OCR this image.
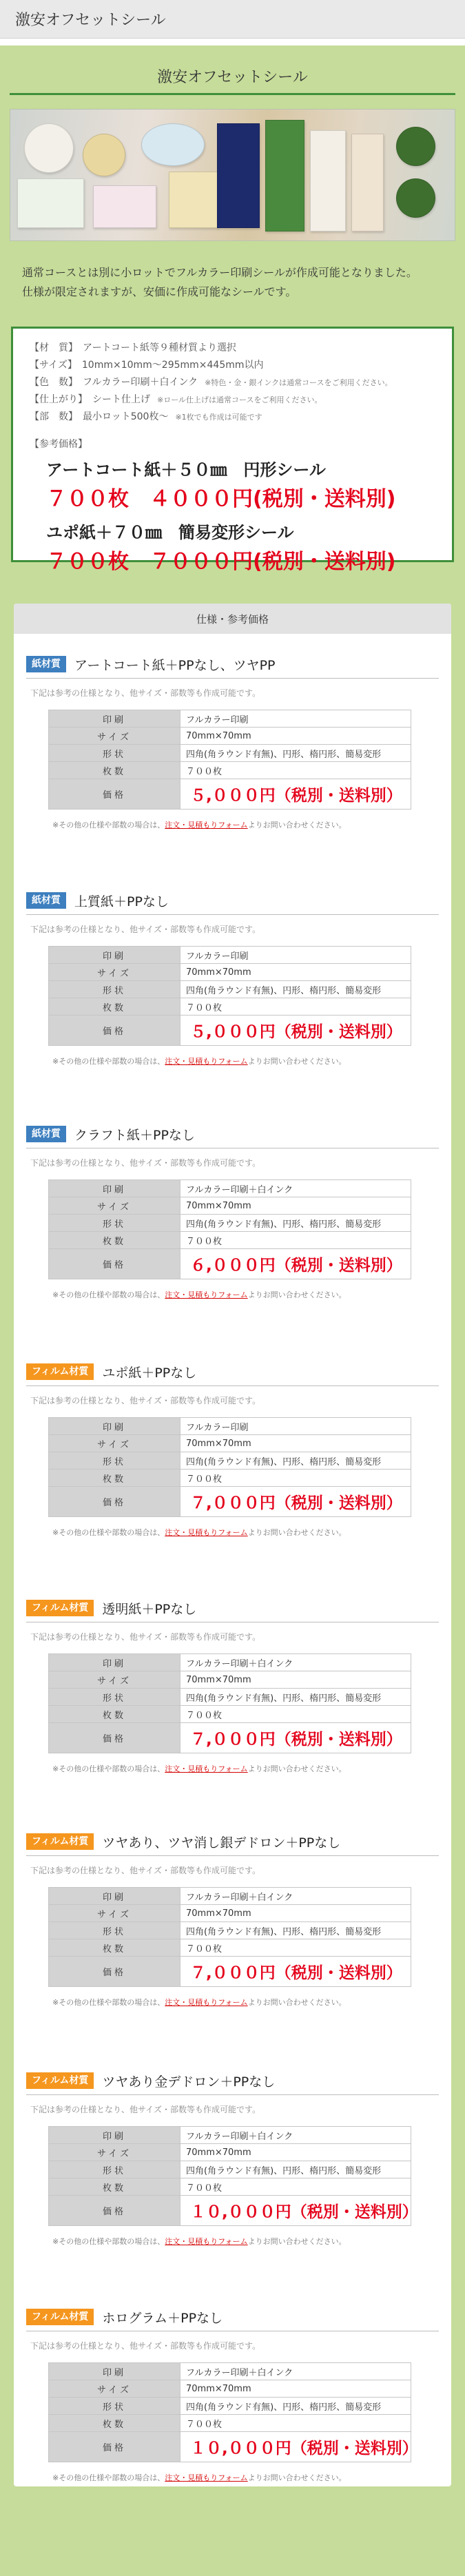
激安オフセットシール
激安オフセットシール
通常コースとは別に小ロットでフルカラー印刷シールが作成可能となりました。
仕様が限定されますが、安価に作成可能なシールです。
【材　質】　 アートコート紙等９種材質より選択
【サイズ】　 10mm×10mm〜295mm×445mm以内
【色　数】　 フルカラー印刷＋白インク ※特色・金・銀インクは通常コースをご利用ください。
【仕上がり】　 シート仕上げ ※ロール仕上げは通常コースをご利用ください。
【部　数】　 最小ロット500枚〜 ※1枚でも作成は可能です
【参考価格】
アートコート紙＋５０㎜　円形シール
７００枚　４０００円(税別・送料別)
ユポ紙＋７０㎜　簡易変形シール
７００枚　７０００円(税別・送料別)
仕様・参考価格
紙材質	アートコート紙＋PPなし、ツヤPP
下記は参考の仕様となり、他サイズ・部数等も作成可能です。
印刷	フルカラー印刷
サイズ	70mm×70mm
形状	四角(角ラウンド有無)、円形、楕円形、簡易変形
枚数	７００枚
価格	５,０００円（税別・送料別）
※その他の仕様や部数の場合は、注文・見積もりフォームよりお問い合わせください。
紙材質	上質紙＋PPなし
下記は参考の仕様となり、他サイズ・部数等も作成可能です。
印刷	フルカラー印刷
サイズ	70mm×70mm
形状	四角(角ラウンド有無)、円形、楕円形、簡易変形
枚数	７００枚
価格	５,０００円（税別・送料別）
※その他の仕様や部数の場合は、注文・見積もりフォームよりお問い合わせください。
紙材質	クラフト紙＋PPなし
下記は参考の仕様となり、他サイズ・部数等も作成可能です。
印刷	フルカラー印刷＋白インク
サイズ	70mm×70mm
形状	四角(角ラウンド有無)、円形、楕円形、簡易変形
枚数	７００枚
価格	６,０００円（税別・送料別）
※その他の仕様や部数の場合は、注文・見積もりフォームよりお問い合わせください。
フィルム材質	ユポ紙＋PPなし
下記は参考の仕様となり、他サイズ・部数等も作成可能です。
印刷	フルカラー印刷
サイズ	70mm×70mm
形状	四角(角ラウンド有無)、円形、楕円形、簡易変形
枚数	７００枚
価格	７,０００円（税別・送料別）
※その他の仕様や部数の場合は、注文・見積もりフォームよりお問い合わせください。
フィルム材質	透明紙＋PPなし
下記は参考の仕様となり、他サイズ・部数等も作成可能です。
印刷	フルカラー印刷＋白インク
サイズ	70mm×70mm
形状	四角(角ラウンド有無)、円形、楕円形、簡易変形
枚数	７００枚
価格	７,０００円（税別・送料別）
※その他の仕様や部数の場合は、注文・見積もりフォームよりお問い合わせください。
フィルム材質	ツヤあり、ツヤ消し銀デドロン＋PPなし
下記は参考の仕様となり、他サイズ・部数等も作成可能です。
印刷	フルカラー印刷＋白インク
サイズ	70mm×70mm
形状	四角(角ラウンド有無)、円形、楕円形、簡易変形
枚数	７００枚
価格	７,０００円（税別・送料別）
※その他の仕様や部数の場合は、注文・見積もりフォームよりお問い合わせください。
フィルム材質	ツヤあり金デドロン＋PPなし
下記は参考の仕様となり、他サイズ・部数等も作成可能です。
印刷	フルカラー印刷＋白インク
サイズ	70mm×70mm
形状	四角(角ラウンド有無)、円形、楕円形、簡易変形
枚数	７００枚
価格	１０,０００円（税別・送料別）
※その他の仕様や部数の場合は、注文・見積もりフォームよりお問い合わせください。
フィルム材質	ホログラム＋PPなし
下記は参考の仕様となり、他サイズ・部数等も作成可能です。
印刷	フルカラー印刷＋白インク
サイズ	70mm×70mm
形状	四角(角ラウンド有無)、円形、楕円形、簡易変形
枚数	７００枚
価格	１０,０００円（税別・送料別）
※その他の仕様や部数の場合は、注文・見積もりフォームよりお問い合わせください。
